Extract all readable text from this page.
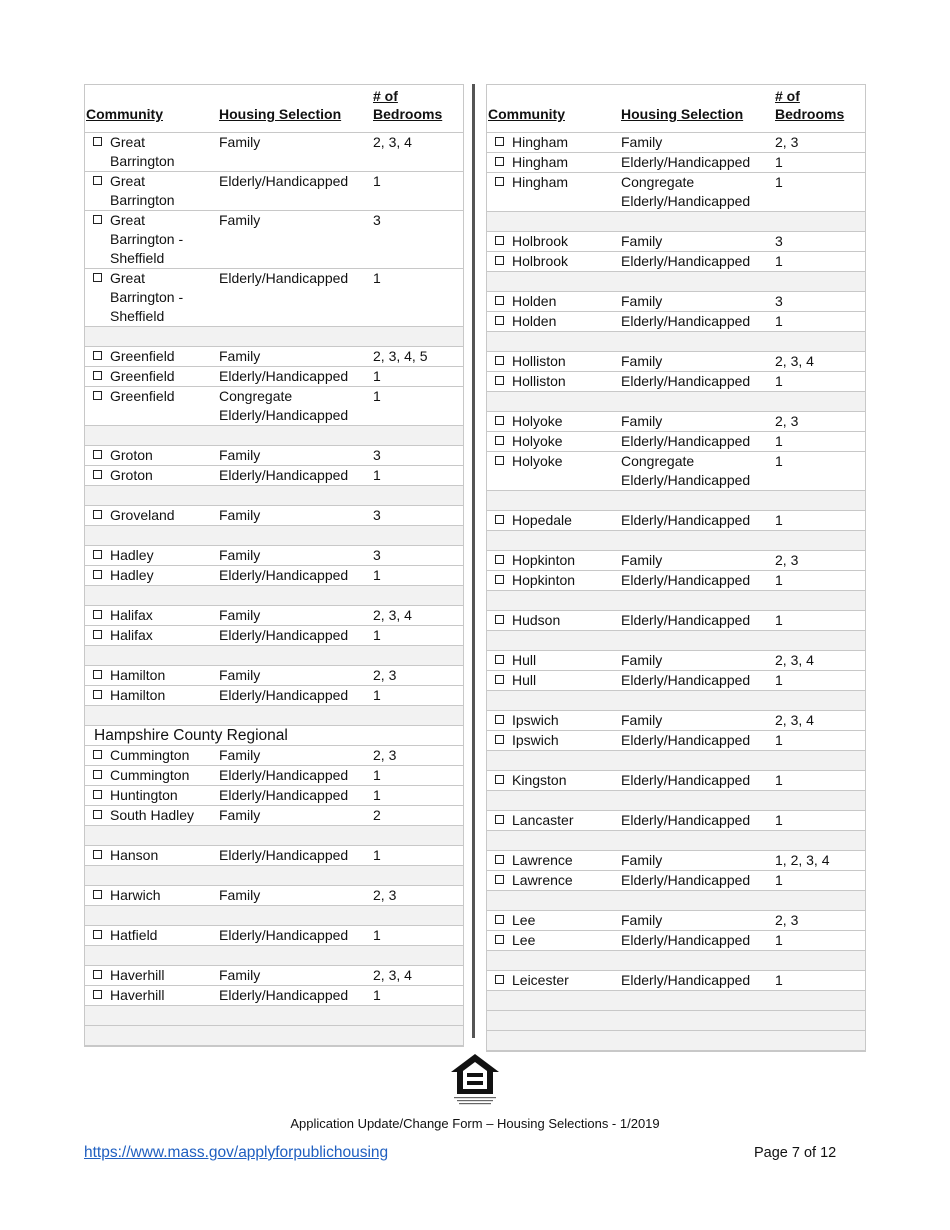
Community	Housing Selection	# of
Bedrooms
Great
Barrington	Family	2, 3, 4
Great
Barrington	Elderly/Handicapped	1
Great
Barrington -
Sheffield	Family	3
Great
Barrington -
Sheffield	Elderly/Handicapped	1

Greenfield	Family	2, 3, 4, 5
Greenfield	Elderly/Handicapped	1
Greenfield	Congregate
Elderly/Handicapped	1

Groton	Family	3
Groton	Elderly/Handicapped	1

Groveland	Family	3

Hadley	Family	3
Hadley	Elderly/Handicapped	1

Halifax	Family	2, 3, 4
Halifax	Elderly/Handicapped	1

Hamilton	Family	2, 3
Hamilton	Elderly/Handicapped	1

Hampshire County Regional		
Cummington	Family	2, 3
Cummington	Elderly/Handicapped	1
Huntington	Elderly/Handicapped	1
South Hadley	Family	2

Hanson	Elderly/Handicapped	1

Harwich	Family	2, 3

Hatfield	Elderly/Handicapped	1

Haverhill	Family	2, 3, 4
Haverhill	Elderly/Handicapped	1

Community	Housing Selection	# of
Bedrooms
Hingham	Family	2, 3
Hingham	Elderly/Handicapped	1
Hingham	Congregate
Elderly/Handicapped	1

Holbrook	Family	3
Holbrook	Elderly/Handicapped	1

Holden	Family	3
Holden	Elderly/Handicapped	1

Holliston	Family	2, 3, 4
Holliston	Elderly/Handicapped	1

Holyoke	Family	2, 3
Holyoke	Elderly/Handicapped	1
Holyoke	Congregate
Elderly/Handicapped	1

Hopedale	Elderly/Handicapped	1

Hopkinton	Family	2, 3
Hopkinton	Elderly/Handicapped	1

Hudson	Elderly/Handicapped	1

Hull	Family	2, 3, 4
Hull	Elderly/Handicapped	1

Ipswich	Family	2, 3, 4
Ipswich	Elderly/Handicapped	1

Kingston	Elderly/Handicapped	1

Lancaster	Elderly/Handicapped	1

Lawrence	Family	1, 2, 3, 4
Lawrence	Elderly/Handicapped	1

Lee	Family	2, 3
Lee	Elderly/Handicapped	1

Leicester	Elderly/Handicapped	1

Application Update/Change Form – Housing Selections - 1/2019
https://www.mass.gov/applyforpublichousing	Page 7 of 12
